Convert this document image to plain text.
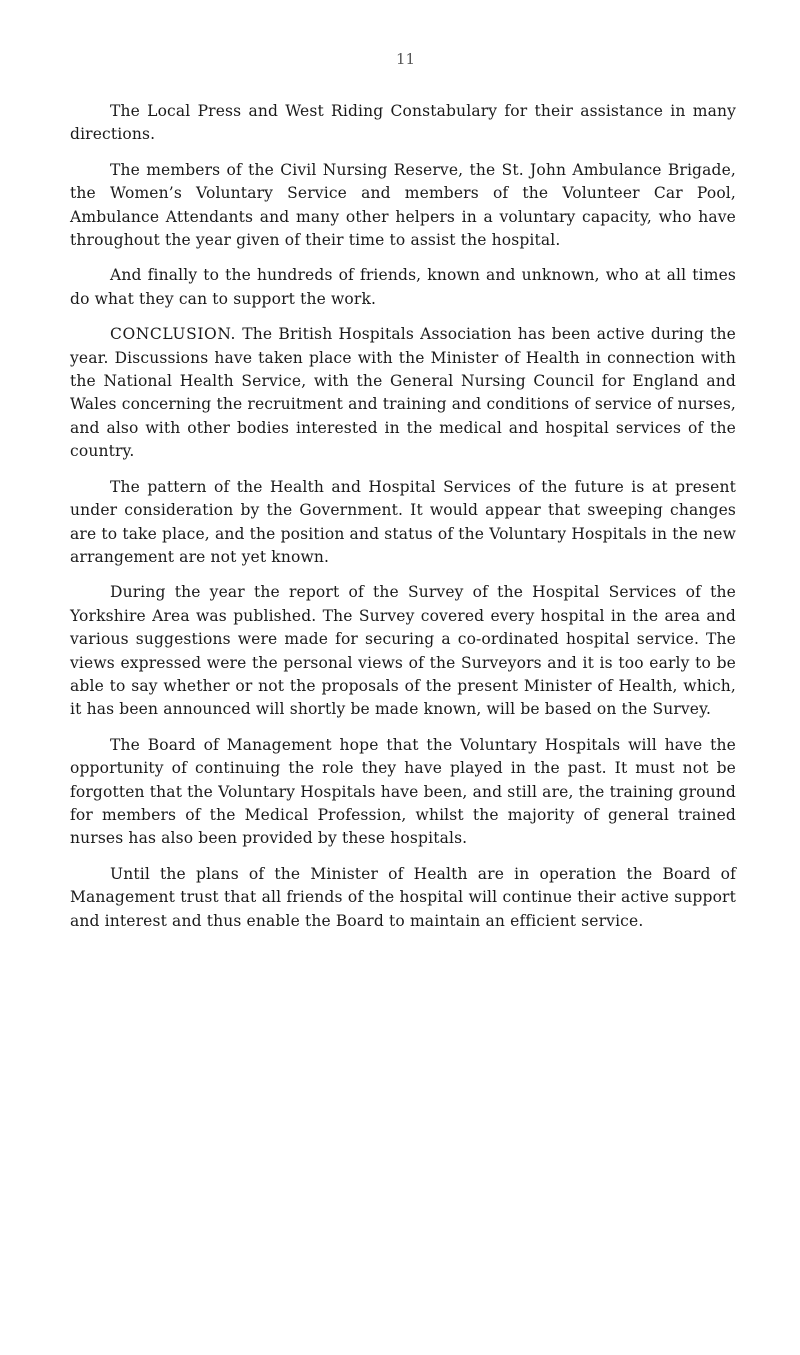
11

The Local Press and West Riding Constabulary for their assistance in many directions.

The members of the Civil Nursing Reserve, the St. John Ambulance Brigade, the Women’s Voluntary Service and members of the Volunteer Car Pool, Ambulance Attendants and many other helpers in a voluntary capacity, who have throughout the year given of their time to assist the hospital.

And finally to the hundreds of friends, known and unknown, who at all times do what they can to support the work.

CONCLUSION. The British Hospitals Association has been active during the year. Discussions have taken place with the Minister of Health in connection with the National Health Service, with the General Nursing Council for England and Wales concerning the recruitment and training and conditions of service of nurses, and also with other bodies interested in the medical and hospital services of the country.

The pattern of the Health and Hospital Services of the future is at present under consideration by the Government. It would appear that sweeping changes are to take place, and the position and status of the Voluntary Hospitals in the new arrangement are not yet known.

During the year the report of the Survey of the Hospital Services of the Yorkshire Area was published. The Survey covered every hospital in the area and various suggestions were made for securing a co-ordinated hospital service. The views expressed were the personal views of the Surveyors and it is too early to be able to say whether or not the proposals of the present Minister of Health, which, it has been announced will shortly be made known, will be based on the Survey.

The Board of Management hope that the Voluntary Hospitals will have the opportunity of continuing the role they have played in the past. It must not be forgotten that the Voluntary Hospitals have been, and still are, the training ground for members of the Medical Profession, whilst the majority of general trained nurses has also been provided by these hospitals.

Until the plans of the Minister of Health are in operation the Board of Management trust that all friends of the hospital will continue their active support and interest and thus enable the Board to maintain an efficient service.
